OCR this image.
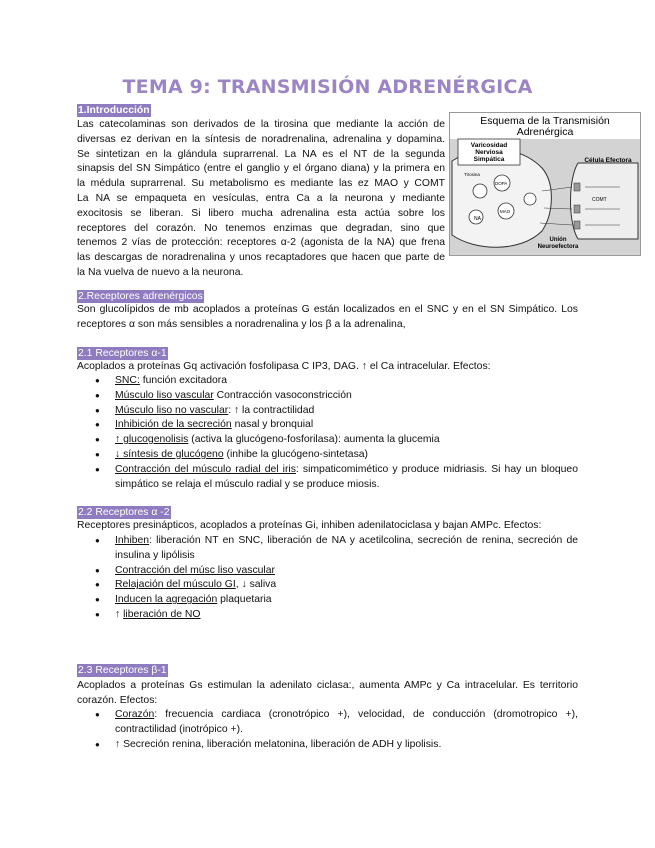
TEMA 9: TRANSMISIÓN ADRENÉRGICA
1.Introducción
Las catecolaminas son derivados de la tirosina que mediante la acción de
diversas ez derivan en la síntesis de noradrenalina, adrenalina y dopamina.
Se sintetizan en la glándula suprarrenal. La NA es el NT de la segunda
sinapsis del SN Simpático (entre el ganglio y el órgano diana) y la primera en
la médula suprarrenal. Su metabolismo es mediante las ez MAO y COMT
La NA se empaqueta en vesículas, entra Ca a la neurona y mediante
exocitosis se liberan. Si libero mucha adrenalina esta actúa sobre los
receptores del corazón. No tenemos enzimas que degradan, sino que
tenemos 2 vías de protección: receptores α-2 (agonista de la NA) que frena
las descargas de noradrenalina y unos recaptadores que hacen que parte de
la Na vuelva de nuevo a la neurona.
Esquema de la Transmisión
Adrenérgica
Varicosidad
Nerviosa
Simpática
Tirosina
DOPA
NA
MAO
Célula Efectora
COMT
Unión
Neuroefectora
2.Receptores adrenérgicos
Son glucolípidos de mb acoplados a proteínas G están localizados en el SNC y en el SN Simpático. Los
receptores α son más sensibles a noradrenalina y los β a la adrenalina,
2.1 Receptores α-1
Acoplados a proteínas Gq activación fosfolipasa C IP3, DAG. ↑ el Ca intracelular. Efectos:
● SNC: función excitadora
● Músculo liso vascular Contracción vasoconstricción
● Músculo liso no vascular: ↑ la contractilidad
● Inhibición de la secreción nasal y bronquial
● ↑ glucogenolisis (activa la glucógeno-fosforilasa): aumenta la glucemia
● ↓ síntesis de glucógeno (inhibe la glucógeno-sintetasa)
● Contracción del músculo radial del iris: simpaticomimético y produce midriasis. Si hay un bloqueo simpático se relaja el músculo radial y se produce miosis.
2.2 Receptores α -2
Receptores presinápticos, acoplados a proteínas Gi, inhiben adenilatociclasa y bajan AMPc. Efectos:
● Inhiben: liberación NT en SNC, liberación de NA y acetilcolina, secreción de renina, secreción de insulina y lipólisis
● Contracción del músc liso vascular
● Relajación del músculo GI, ↓ saliva
● Inducen la agregación plaquetaria
● ↑ liberación de NO
2.3 Receptores β-1
Acoplados a proteínas Gs estimulan la adenilato ciclasa:, aumenta AMPc y Ca intracelular. Es territorio
corazón. Efectos:
● Corazón: frecuencia cardiaca (cronotrópico +), velocidad, de conducción (dromotropico +), contractilidad (inotrópico +).
● ↑ Secreción renina, liberación melatonina, liberación de ADH y lipolisis.
